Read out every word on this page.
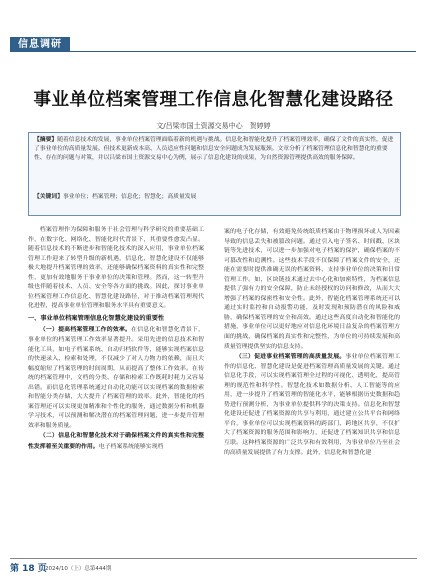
信息调研
事业单位档案管理工作信息化智慧化建设路径
文/吕梁市国土资源交易中心　贺婷婷
【摘要】随着信息技术的发展，事业单位档案管理面临着新的机遇与挑战。信息化和智能化提升了档案管理效率，确保了文件的真实性，促进了事业单位的高质量发展。但技术更新成本高、人员适应性问题和信息安全问题成为发展瓶颈。文章分析了档案管理信息化和智慧化的重要性、存在的问题与对策，并以吕梁市国土资源交易中心为例，展示了信息化建设的成果，为自然资源管理提供高效的服务保障。
【关键词】事业单位；档案管理；信息化；智慧化；高质量发展

档案管理作为保障和服务于社会管理与科学研究的重要基础工作，在数字化、网络化、智能化时代背景下，其重要性愈发凸显。随着信息技术的不断进步和智能化技术的深入应用，事业单位档案管理工作迎来了转型升级的新机遇，信息化、智慧化建设不仅能够极大地提升档案管理的效率，还能够确保档案资料的真实性和完整性，更加有效地服务于事业单位的决策和管理。然而，这一转型升级也伴随着技术、人员、安全等各方面的挑战。因此，探讨事业单位档案管理工作信息化、智慧化建设路径，对于推动档案管理现代化进程，提高事业单位管理和服务水平具有重要意义。

一、事业单位档案管理信息化智慧化建设的重要性

（一）提高档案管理工作的效率。在信息化和智慧化背景下，事业单位的档案管理工作效率显著提升。采用先进的信息技术和智能化工具，如电子档案系统、自动归档软件等，能够实现档案信息的快速录入、检索和处理，不仅减少了对人力物力的依赖，而且大幅度缩短了档案管理的时间周期，从而提高了整体工作效率。在传统的档案管理中，文档的分类、存储和检索工作既耗时耗力又容易出错。而信息化管理系统通过自动化功能可以实现档案的数据检索和智能分类存储，大大提升了档案管理的效率。此外，智能化的档案管理还可以实现更加精准和个性化的服务，通过数据分析和机器学习技术，可以预测和解决潜在的档案管理问题，进一步提升管理效率和服务质量。

（二）信息化和智慧化技术对于确保档案文件的真实性和完整性发挥着至关重要的作用。电子档案系统能够实现档

案的电子化存储，有效避免传统纸质档案由于物理损坏或人为因素导致的信息丢失和被篡改问题。通过引入电子签名、时间戳、区块链等先进技术，可以进一步加强对电子档案的保护，确保档案的不可篡改性和追溯性。这些技术手段不仅保障了档案文件的安全，还能在需要时提供准确无误的档案资料，支持事业单位的决策和日常管理工作。如，区块链技术通过去中心化和加密特性，为档案信息提供了强有力的安全保障，防止未经授权的访问和修改，从而大大增强了档案的保密性和安全性。此外，智能化档案管理系统还可以通过实时监控和自动报警功能，及时发现和预防潜在的风险和威胁，确保档案管理的安全和高效。通过这些高度自动化和智能化的措施，事业单位可以更好地应对信息化环境日益复杂的档案管理方面的挑战，确保档案的真实性和完整性，为单位的可持续发展和高质量管理提供坚实的信息支持。

（三）促进事业档案管理的高质量发展。事业单位档案管理工作的信息化、智慧化建设是促进档案管理高质量发展的关键。通过信息化手段，可以实现档案管理全过程的可视化、透明化，提高管理的规范性和科学性。智慧化技术如数据分析、人工智能等的应用，进一步提升了档案管理的智能化水平，能够根据历史数据和趋势进行预测分析，为事业单位提供科学的决策支持。信息化和智慧化建设还促进了档案资源的共享与利用，通过建立公共平台和网络平台，事业单位可以实现档案资料的跨部门、跨地区共享，不仅扩大了档案资源的服务范围和影响力，还促进了档案知识共享和信息互联。这种档案资源的广泛共享和有效利用，为事业单位乃至社会的高质量发展提供了有力支撑。此外，信息化和智慧化建

第 18 页
2024/10（上）总第444期
